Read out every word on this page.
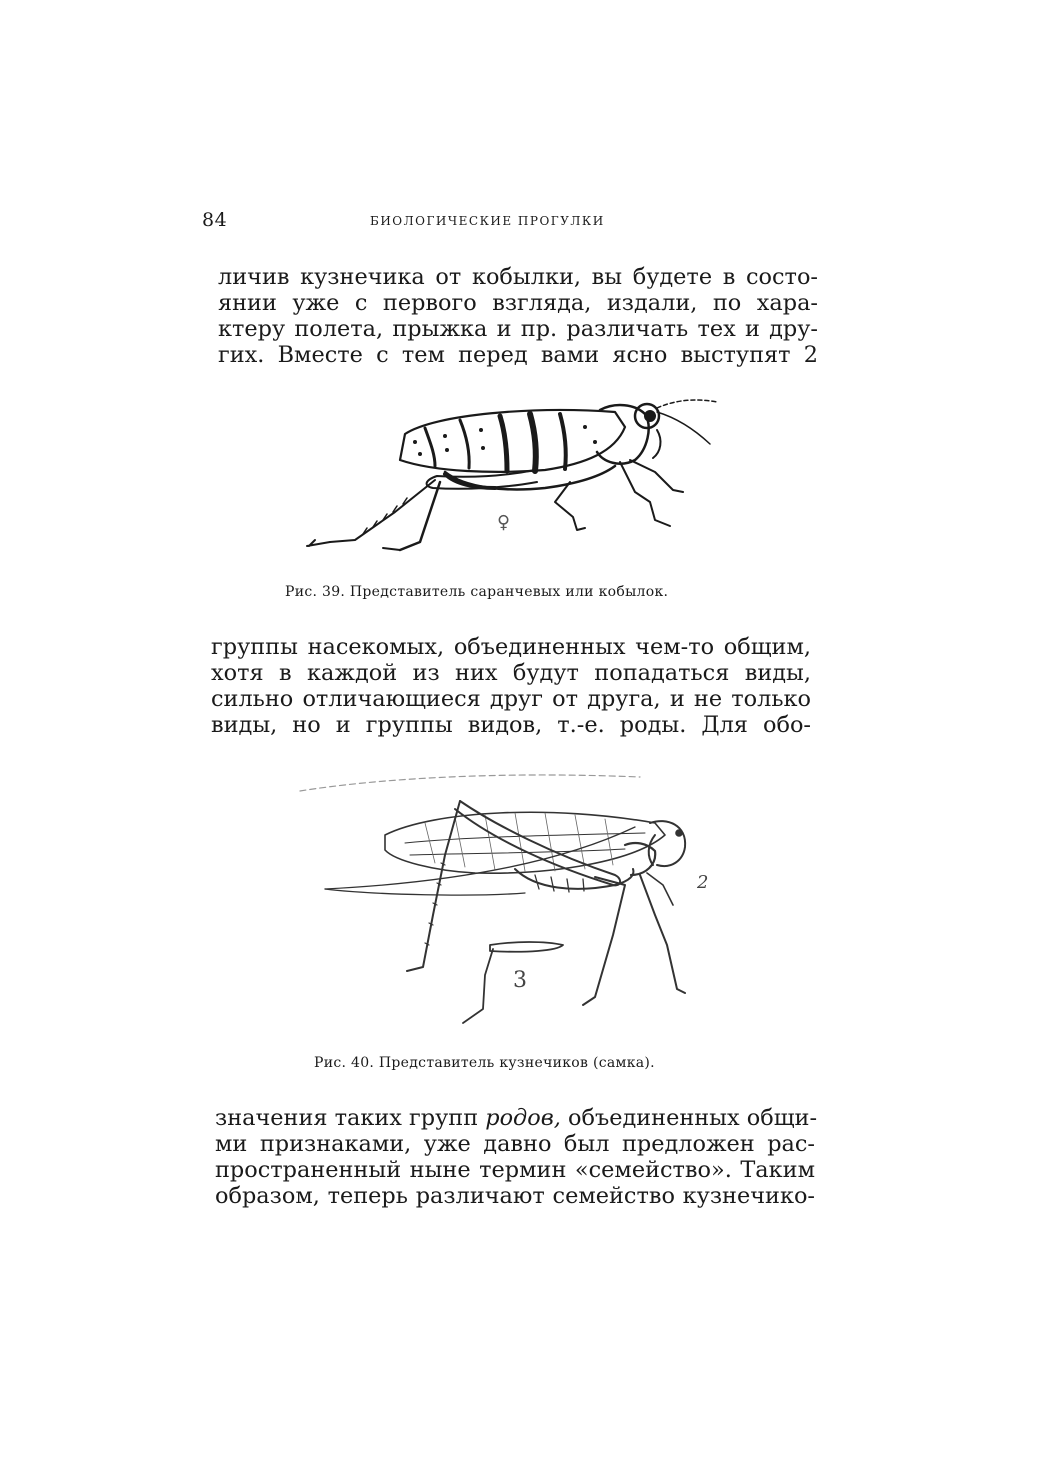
84	БИОЛОГИЧЕСКИЕ ПРОГУЛКИ
личив кузнечика от кобылки, вы будете в состо-
янии уже с первого взгляда, издали, по хара-
ктеру полета, прыжка и пр. различать тех и дру-
гих. Вместе с тем перед вами ясно выступят 2
♀
Рис. 39. Представитель саранчевых или кобылок.
группы насекомых, объединенных чем-то общим,
хотя в каждой из них будут попадаться виды,
сильно отличающиеся друг от друга, и не только
виды, но и группы видов, т.-е. роды. Для обо-
2
3
Рис. 40. Представитель кузнечиков (самка).
значения таких групп родов, объединенных общи-
ми признаками, уже давно был предложен рас-
пространенный ныне термин «семейство». Таким
образом, теперь различают семейство кузнечико-
